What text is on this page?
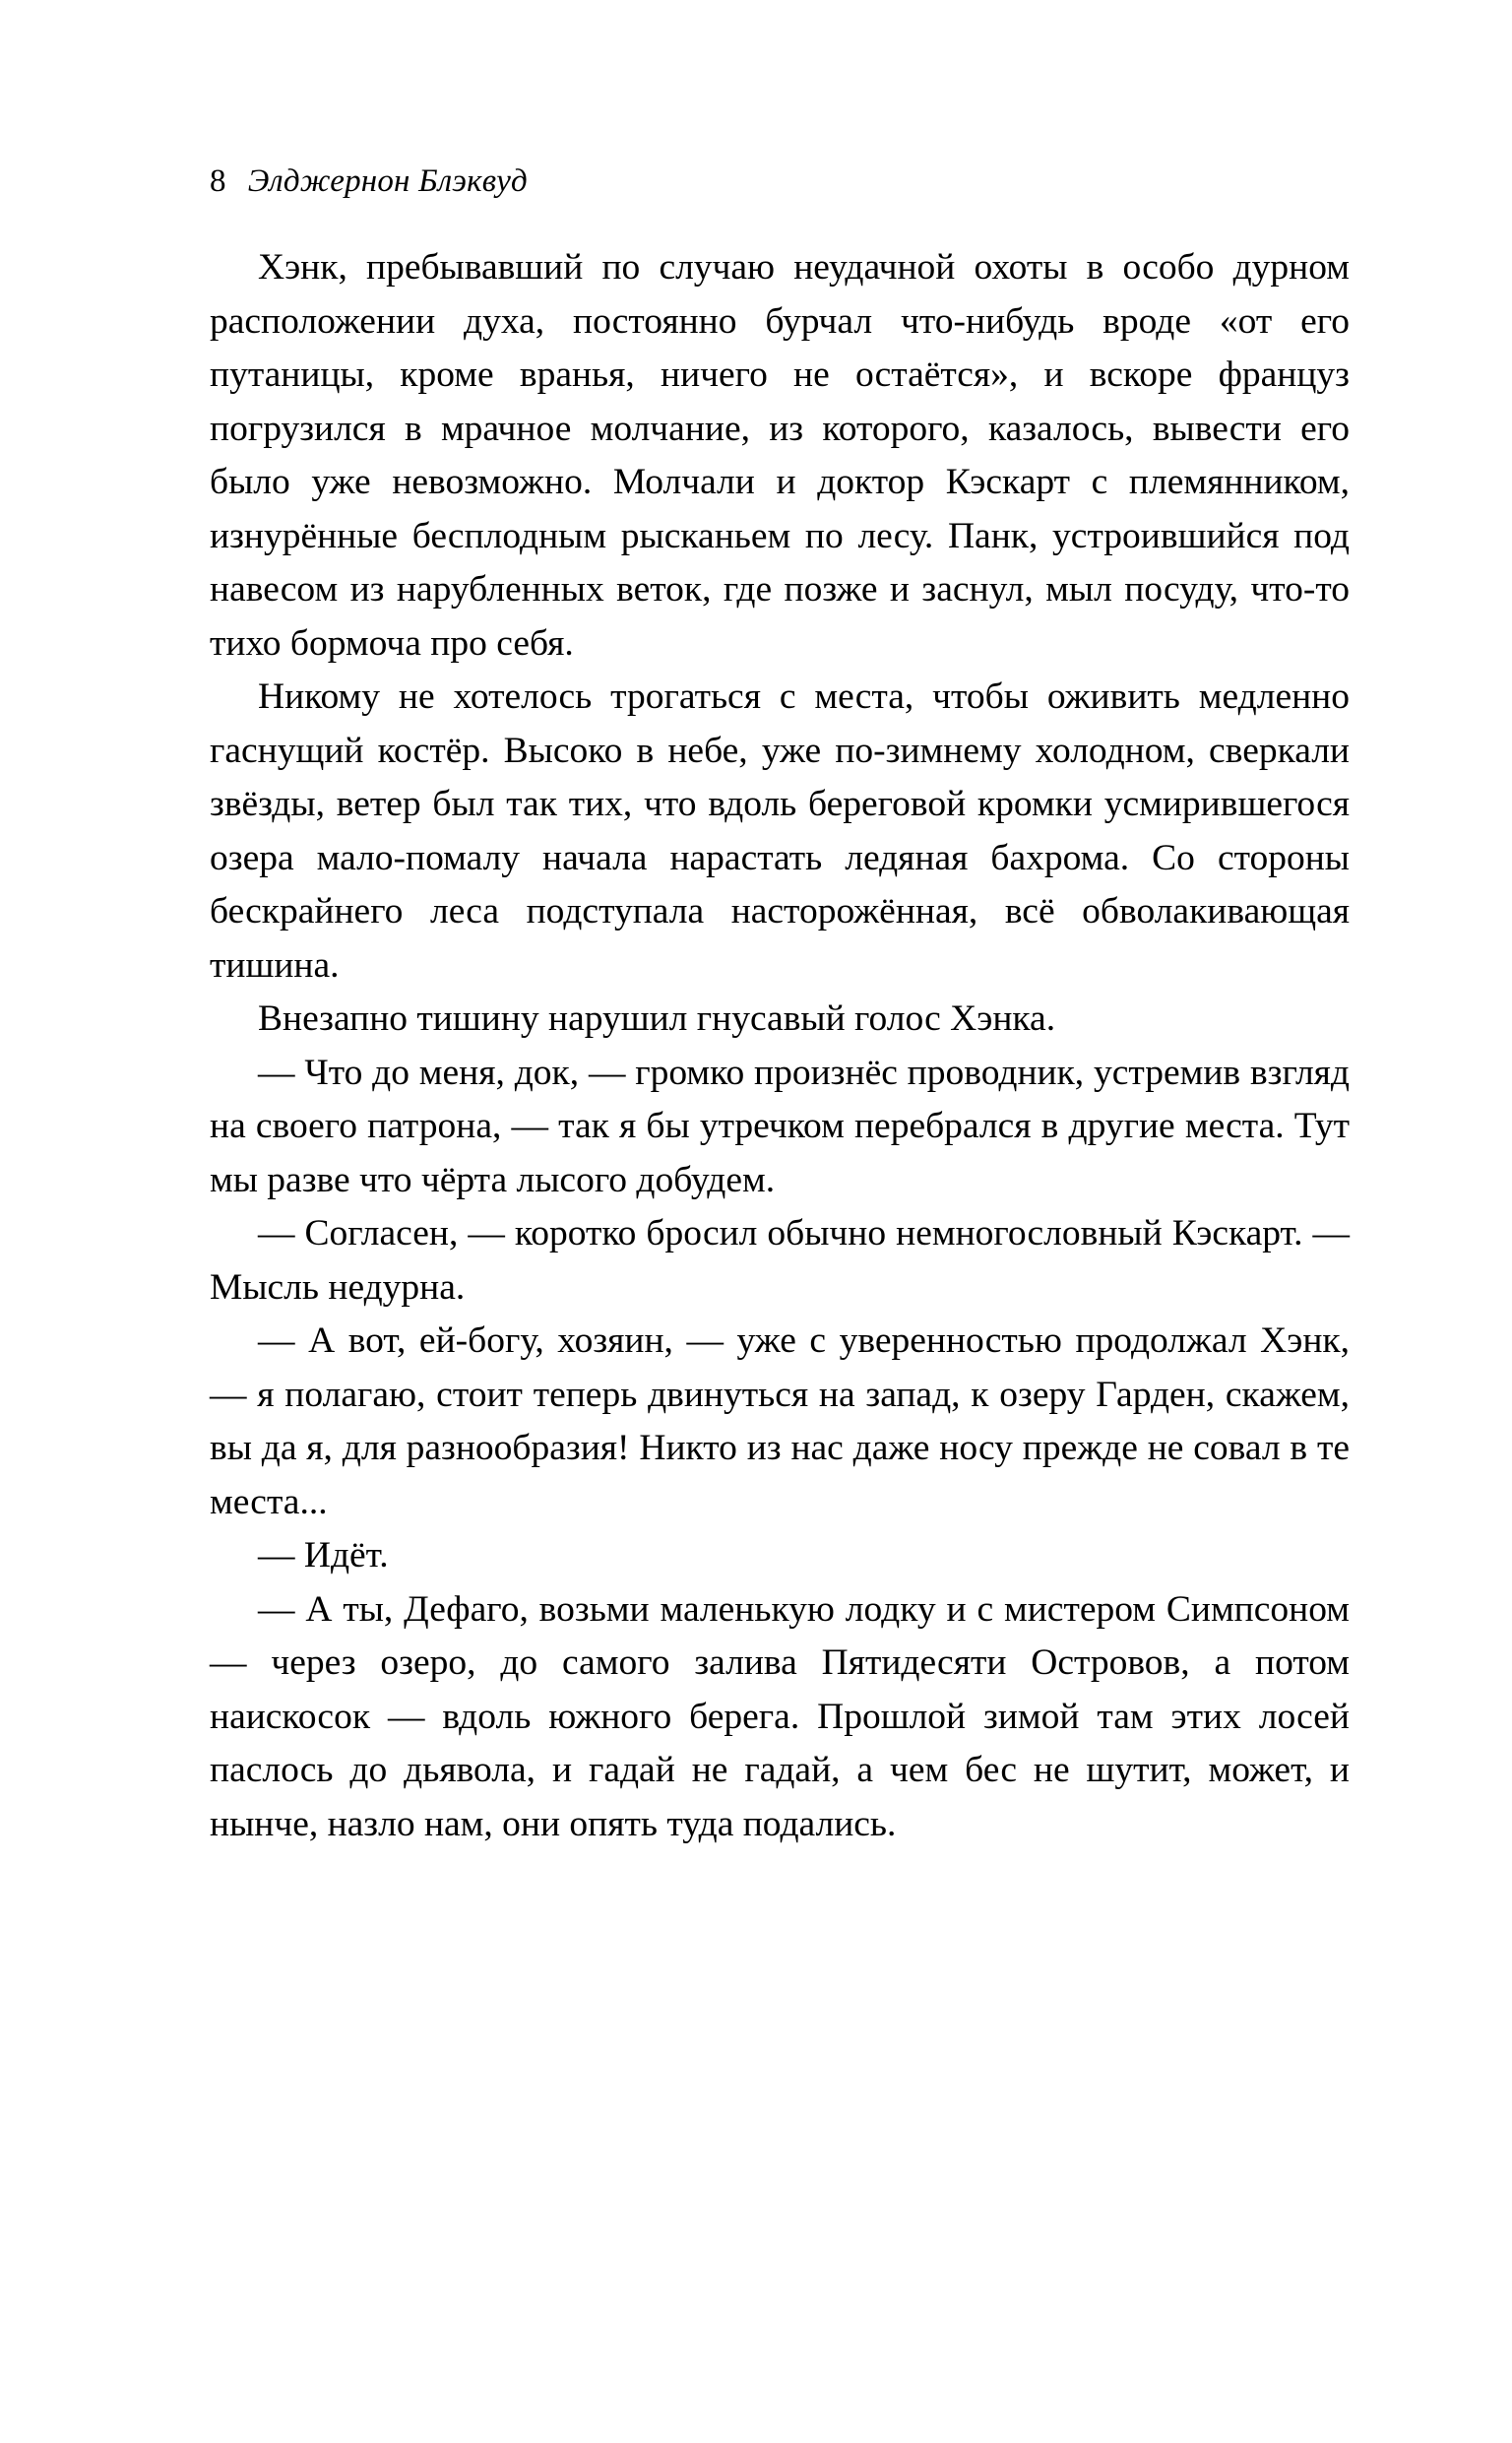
8 Элджернон Блэквуд

Хэнк, пребывавший по случаю неудачной охоты в особо дурном расположении духа, постоянно бурчал что-нибудь вроде «от его путаницы, кроме вранья, ничего не остаётся», и вскоре француз погрузился в мрачное молчание, из которого, казалось, вывести его было уже невозможно. Молчали и доктор Кэскарт с племянником, изнурённые бесплодным рысканьем по лесу. Панк, устроившийся под навесом из нарубленных веток, где позже и заснул, мыл посуду, что-то тихо бормоча про себя.

Никому не хотелось трогаться с места, чтобы оживить медленно гаснущий костёр. Высоко в небе, уже по-зимнему холодном, сверкали звёзды, ветер был так тих, что вдоль береговой кромки усмирившегося озера мало-помалу начала нарастать ледяная бахрома. Со стороны бескрайнего леса подступала насторожённая, всё обволакивающая тишина.

Внезапно тишину нарушил гнусавый голос Хэнка.

— Что до меня, док, — громко произнёс проводник, устремив взгляд на своего патрона, — так я бы утречком перебрался в другие места. Тут мы разве что чёрта лысого добудем.

— Согласен, — коротко бросил обычно немногословный Кэскарт. — Мысль недурна.

— А вот, ей-богу, хозяин, — уже с уверенностью продолжал Хэнк, — я полагаю, стоит теперь двинуться на запад, к озеру Гарден, скажем, вы да я, для разнообразия! Никто из нас даже носу прежде не совал в те места...

— Идёт.

— А ты, Дефаго, возьми маленькую лодку и с мистером Симпсоном — через озеро, до самого залива Пятидесяти Островов, а потом наискосок — вдоль южного берега. Прошлой зимой там этих лосей паслось до дьявола, и гадай не гадай, а чем бес не шутит, может, и нынче, назло нам, они опять туда подались.
